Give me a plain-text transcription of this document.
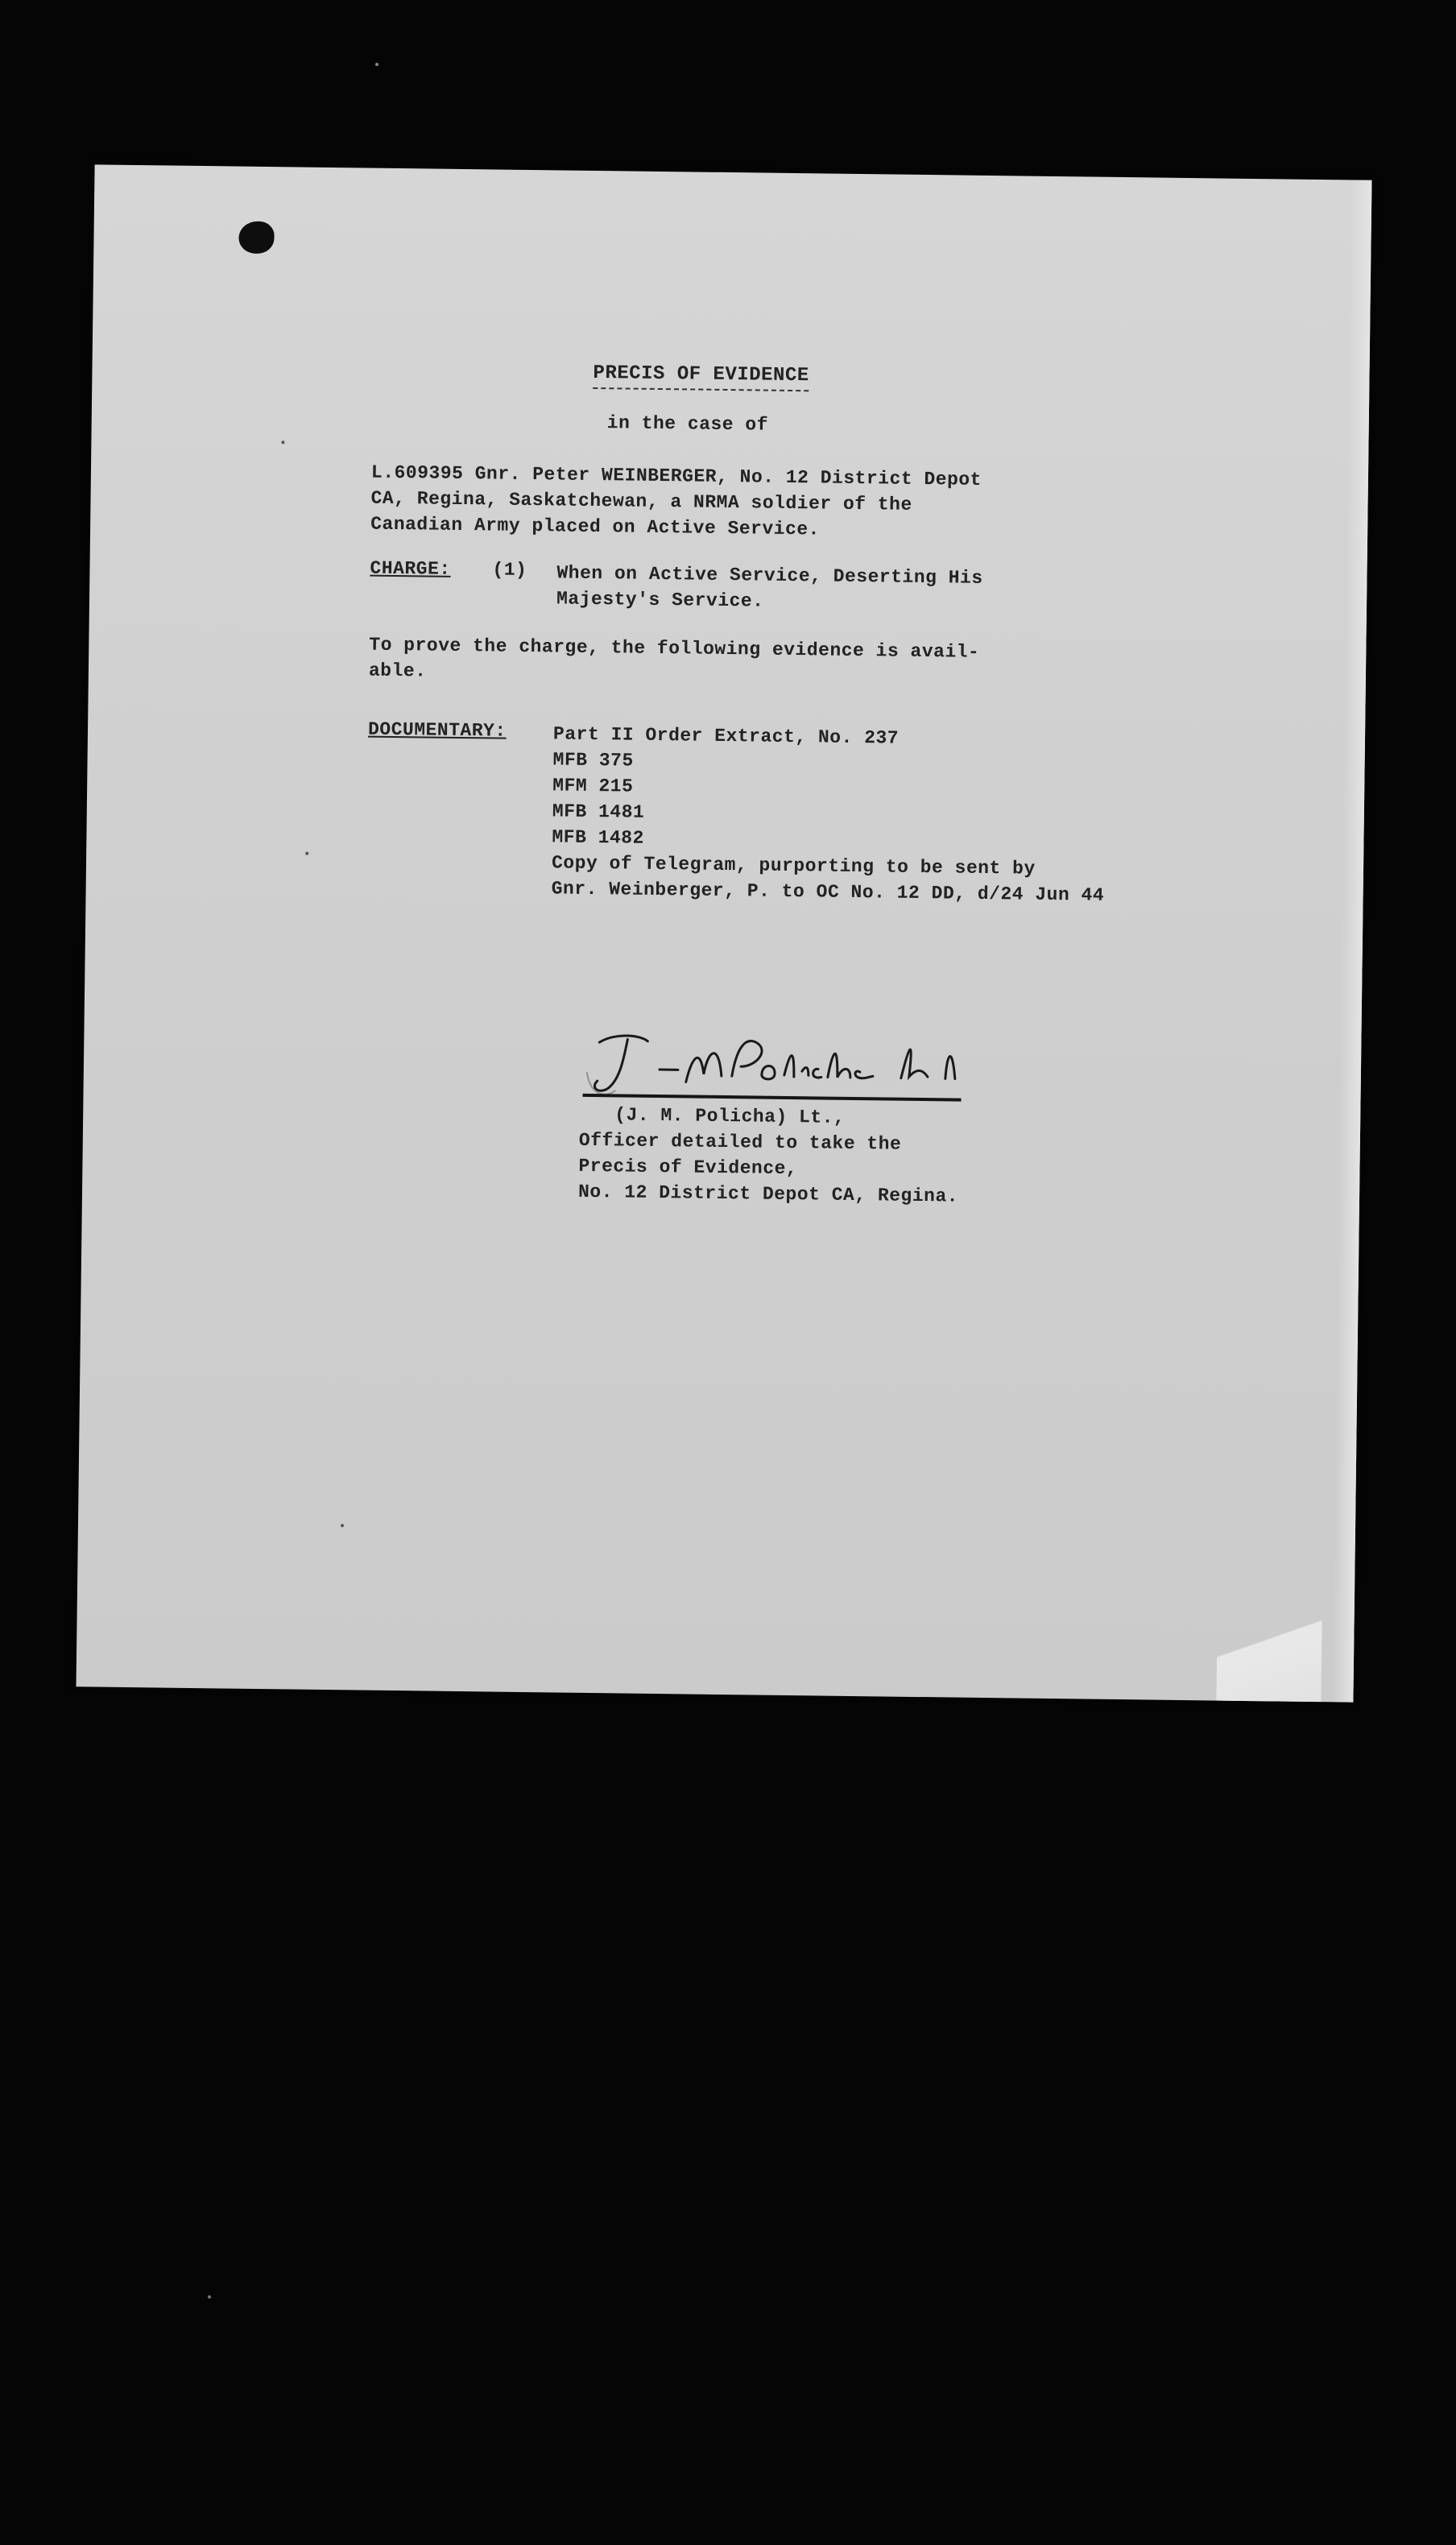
PRECIS OF EVIDENCE
in the case of
L.609395 Gnr. Peter WEINBERGER, No. 12 District Depot
CA, Regina, Saskatchewan, a NRMA soldier of the
Canadian Army placed on Active Service.
CHARGE: (1) When on Active Service, Deserting His
Majesty's Service.
To prove the charge, the following evidence is avail-
able.
DOCUMENTARY:	Part II Order Extract, No. 237
MFB 375
MFM 215
MFB 1481
MFB 1482
Copy of Telegram, purporting to be sent by
Gnr. Weinberger, P. to OC No. 12 DD, d/24 Jun 44
(J. M. Policha) Lt.,
Officer detailed to take the
Precis of Evidence,
No. 12 District Depot CA, Regina.
